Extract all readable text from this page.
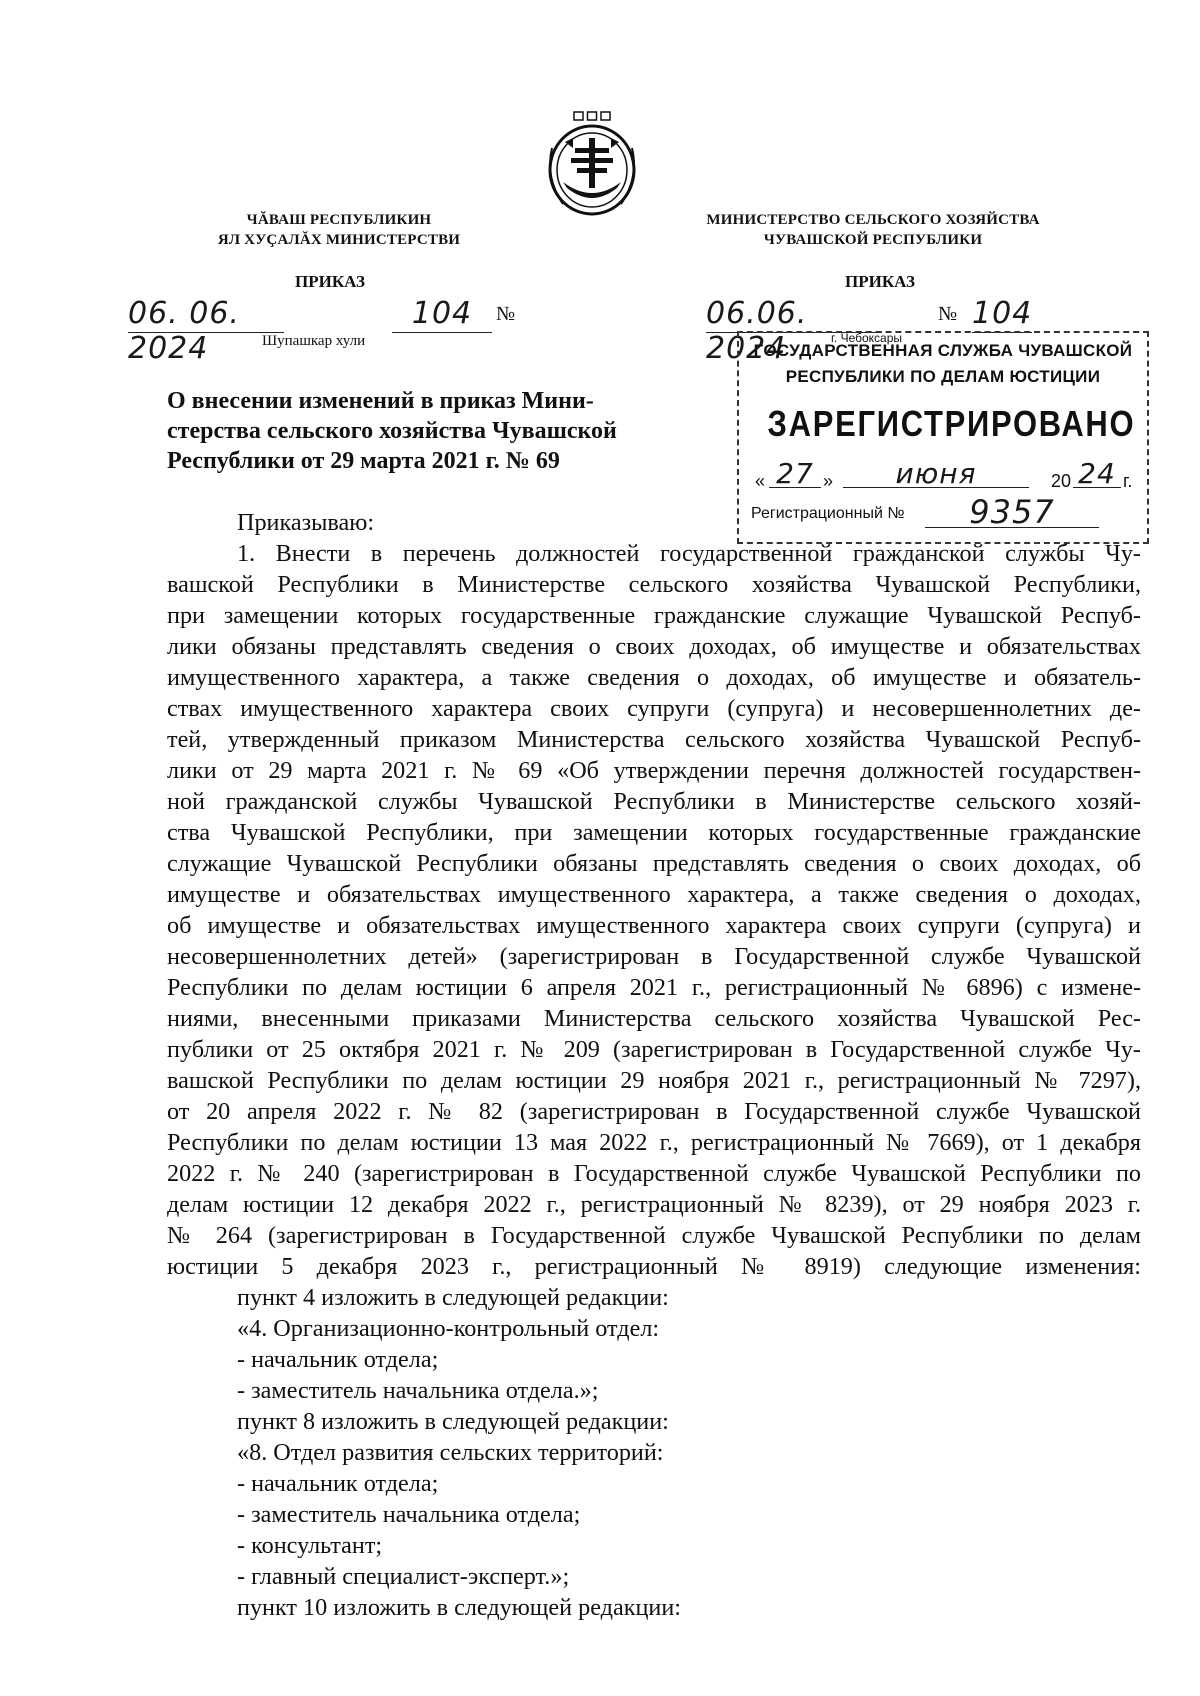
ЧĂВАШ РЕСПУБЛИКИН
ЯЛ ХУҪАЛĂХ МИНИСТЕРСТВИ
МИНИСТЕРСТВО СЕЛЬСКОГО ХОЗЯЙСТВА
ЧУВАШСКОЙ РЕСПУБЛИКИ
ПРИКАЗ	ПРИКАЗ
06. 06. 2024
104	№
Шупашкар хули
06.06. 2024
№ 104
О внесении изменений в приказ Мини-
стерства сельского хозяйства Чувашской
Республики от 29 марта 2021 г. № 69
г. Чебоксары
ГОСУДАРСТВЕННАЯ СЛУЖБА ЧУВАШСКОЙ
РЕСПУБЛИКИ ПО ДЕЛАМ ЮСТИЦИИ
ЗАРЕГИСТРИРОВАНО
« 27 »	июня	20 24 г.
Регистрационный №	9357
Приказываю:
1. Внести в перечень должностей государственной гражданской службы Чу-
вашской Республики в Министерстве сельского хозяйства Чувашской Республики,
при замещении которых государственные гражданские служащие Чувашской Респуб-
лики обязаны представлять сведения о своих доходах, об имуществе и обязательствах
имущественного характера, а также сведения о доходах, об имуществе и обязатель-
ствах имущественного характера своих супруги (супруга) и несовершеннолетних де-
тей, утвержденный приказом Министерства сельского хозяйства Чувашской Респуб-
лики от 29 марта 2021 г. № 69 «Об утверждении перечня должностей государствен-
ной гражданской службы Чувашской Республики в Министерстве сельского хозяй-
ства Чувашской Республики, при замещении которых государственные гражданские
служащие Чувашской Республики обязаны представлять сведения о своих доходах, об
имуществе и обязательствах имущественного характера, а также сведения о доходах,
об имуществе и обязательствах имущественного характера своих супруги (супруга) и
несовершеннолетних детей» (зарегистрирован в Государственной службе Чувашской
Республики по делам юстиции 6 апреля 2021 г., регистрационный № 6896) с измене-
ниями, внесенными приказами Министерства сельского хозяйства Чувашской Рес-
публики от 25 октября 2021 г. № 209 (зарегистрирован в Государственной службе Чу-
вашской Республики по делам юстиции 29 ноября 2021 г., регистрационный № 7297),
от 20 апреля 2022 г. № 82 (зарегистрирован в Государственной службе Чувашской
Республики по делам юстиции 13 мая 2022 г., регистрационный № 7669), от 1 декабря
2022 г. № 240 (зарегистрирован в Государственной службе Чувашской Республики по
делам юстиции 12 декабря 2022 г., регистрационный № 8239), от 29 ноября 2023 г.
№ 264 (зарегистрирован в Государственной службе Чувашской Республики по делам
юстиции 5 декабря 2023 г., регистрационный № 8919) следующие изменения:
пункт 4 изложить в следующей редакции:
«4. Организационно-контрольный отдел:
- начальник отдела;
- заместитель начальника отдела.»;
пункт 8 изложить в следующей редакции:
«8. Отдел развития сельских территорий:
- начальник отдела;
- заместитель начальника отдела;
- консультант;
- главный специалист-эксперт.»;
пункт 10 изложить в следующей редакции:
